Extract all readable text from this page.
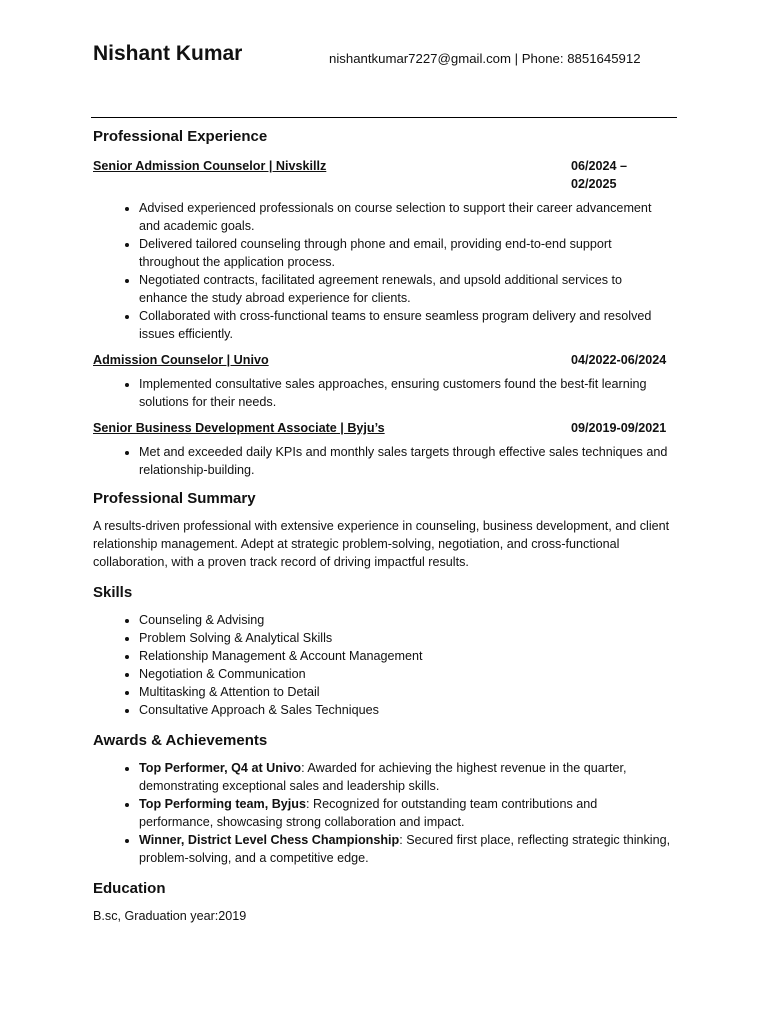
Nishant Kumar	nishantkumar7227@gmail.com | Phone: 8851645912
Professional Experience
Senior Admission Counselor | Nivskillz	06/2024 – 02/2025
• Advised experienced professionals on course selection to support their career advancement and academic goals.
• Delivered tailored counseling through phone and email, providing end-to-end support throughout the application process.
• Negotiated contracts, facilitated agreement renewals, and upsold additional services to enhance the study abroad experience for clients.
• Collaborated with cross-functional teams to ensure seamless program delivery and resolved issues efficiently.
Admission Counselor | Univo	04/2022-06/2024
• Implemented consultative sales approaches, ensuring customers found the best-fit learning solutions for their needs.
Senior Business Development Associate | Byju’s	09/2019-09/2021
• Met and exceeded daily KPIs and monthly sales targets through effective sales techniques and relationship-building.
Professional Summary

A results-driven professional with extensive experience in counseling, business development, and client relationship management. Adept at strategic problem-solving, negotiation, and cross-functional collaboration, with a proven track record of driving impactful results.

Skills
• Counseling & Advising
• Problem Solving & Analytical Skills
• Relationship Management & Account Management
• Negotiation & Communication
• Multitasking & Attention to Detail
• Consultative Approach & Sales Techniques
Awards & Achievements
• Top Performer, Q4 at Univo: Awarded for achieving the highest revenue in the quarter, demonstrating exceptional sales and leadership skills.
• Top Performing team, Byjus: Recognized for outstanding team contributions and performance, showcasing strong collaboration and impact.
• Winner, District Level Chess Championship: Secured first place, reflecting strategic thinking, problem-solving, and a competitive edge.
Education

B.sc, Graduation year:2019
